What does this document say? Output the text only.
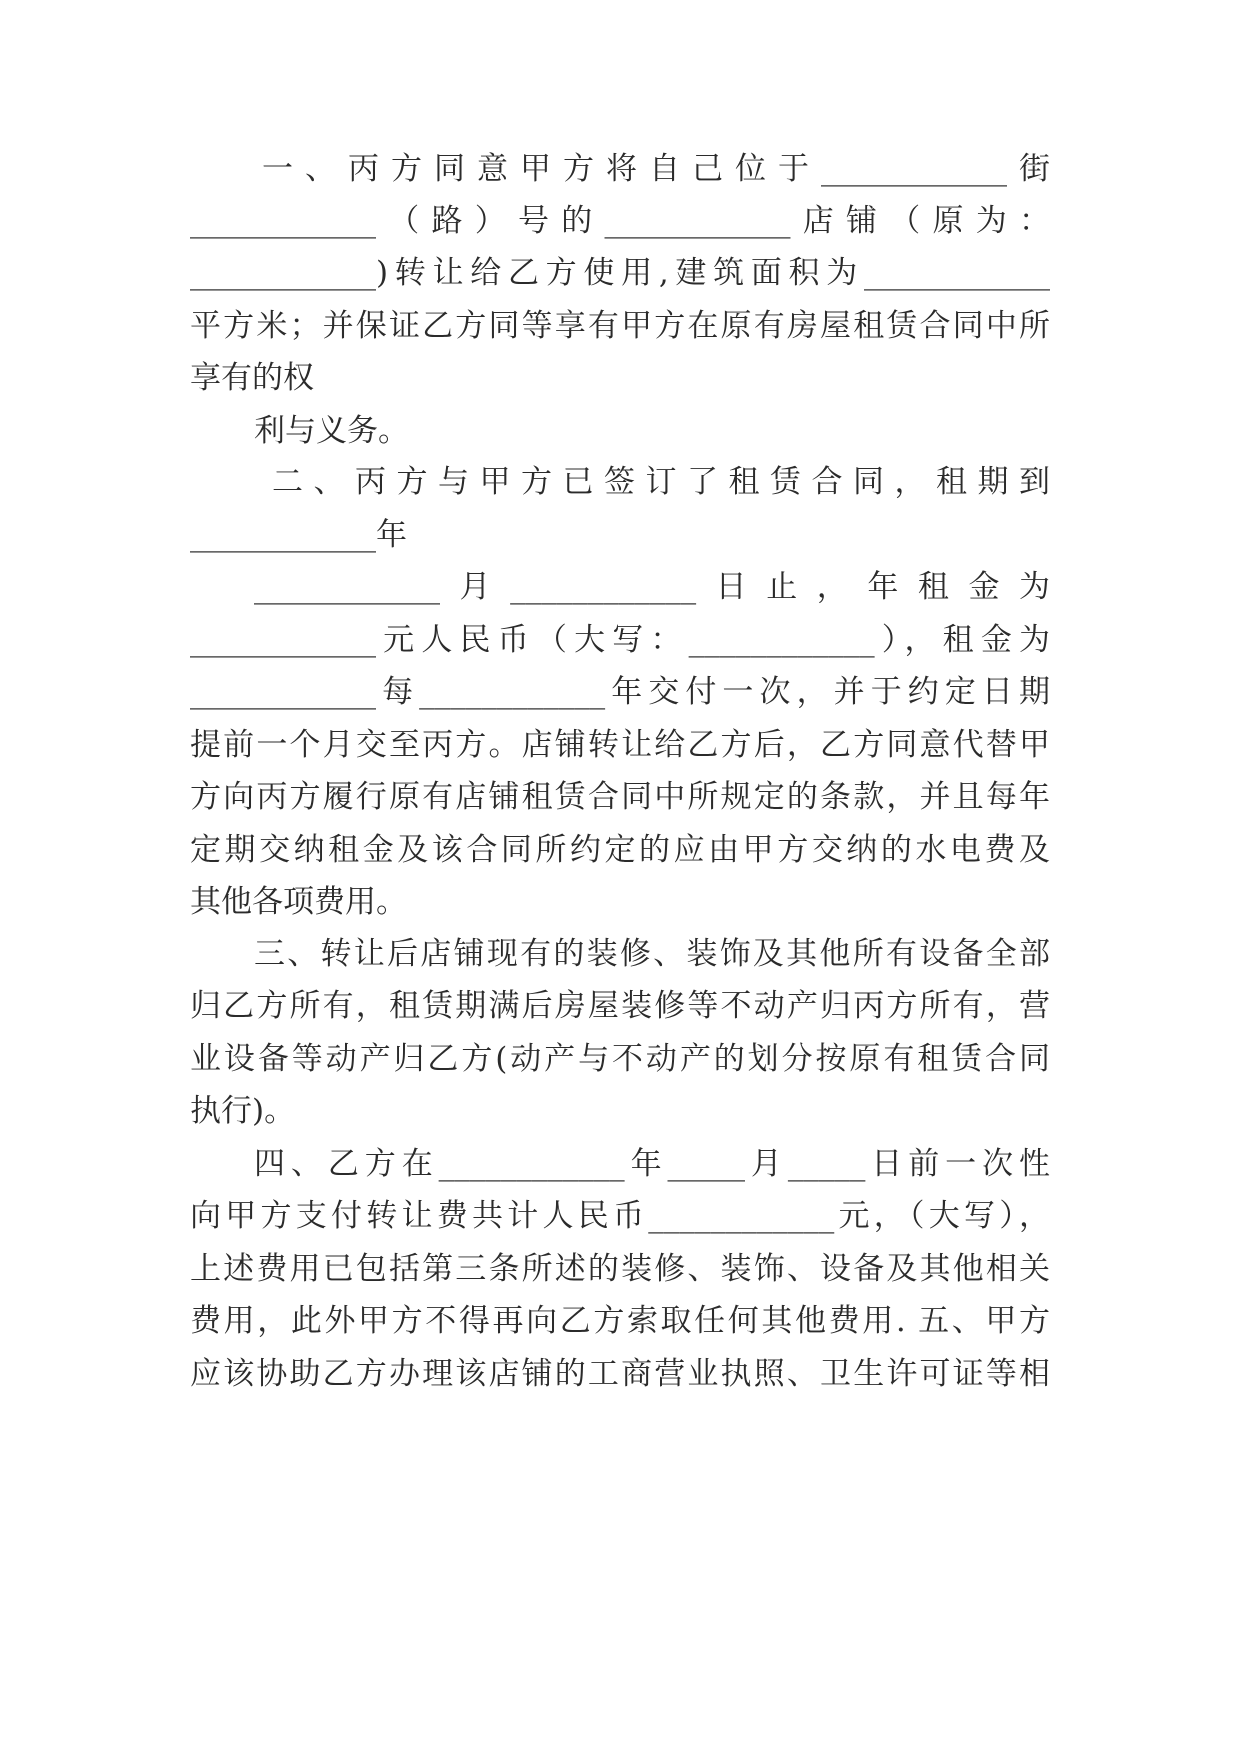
一、丙方同意甲方将自己位于____________街
____________（路）号的____________店铺（原为：
____________)转让给乙方使用,建筑面积为____________
平方米；并保证乙方同等享有甲方在原有房屋租赁合同中所
享有的权
利与义务。
二、丙方与甲方已签订了租赁合同，租期到
____________年
____________月____________日止，年租金为
____________元人民币（大写：____________），租金为
____________每____________年交付一次，并于约定日期
提前一个月交至丙方。店铺转让给乙方后，乙方同意代替甲
方向丙方履行原有店铺租赁合同中所规定的条款，并且每年
定期交纳租金及该合同所约定的应由甲方交纳的水电费及
其他各项费用。
三、转让后店铺现有的装修、装饰及其他所有设备全部
归乙方所有，租赁期满后房屋装修等不动产归丙方所有，营
业设备等动产归乙方(动产与不动产的划分按原有租赁合同
执行)。
四、乙方在____________年_____月_____日前一次性
向甲方支付转让费共计人民币____________元，（大写），
上述费用已包括第三条所述的装修、装饰、设备及其他相关
费用，此外甲方不得再向乙方索取任何其他费用. 五、甲方
应该协助乙方办理该店铺的工商营业执照、卫生许可证等相
